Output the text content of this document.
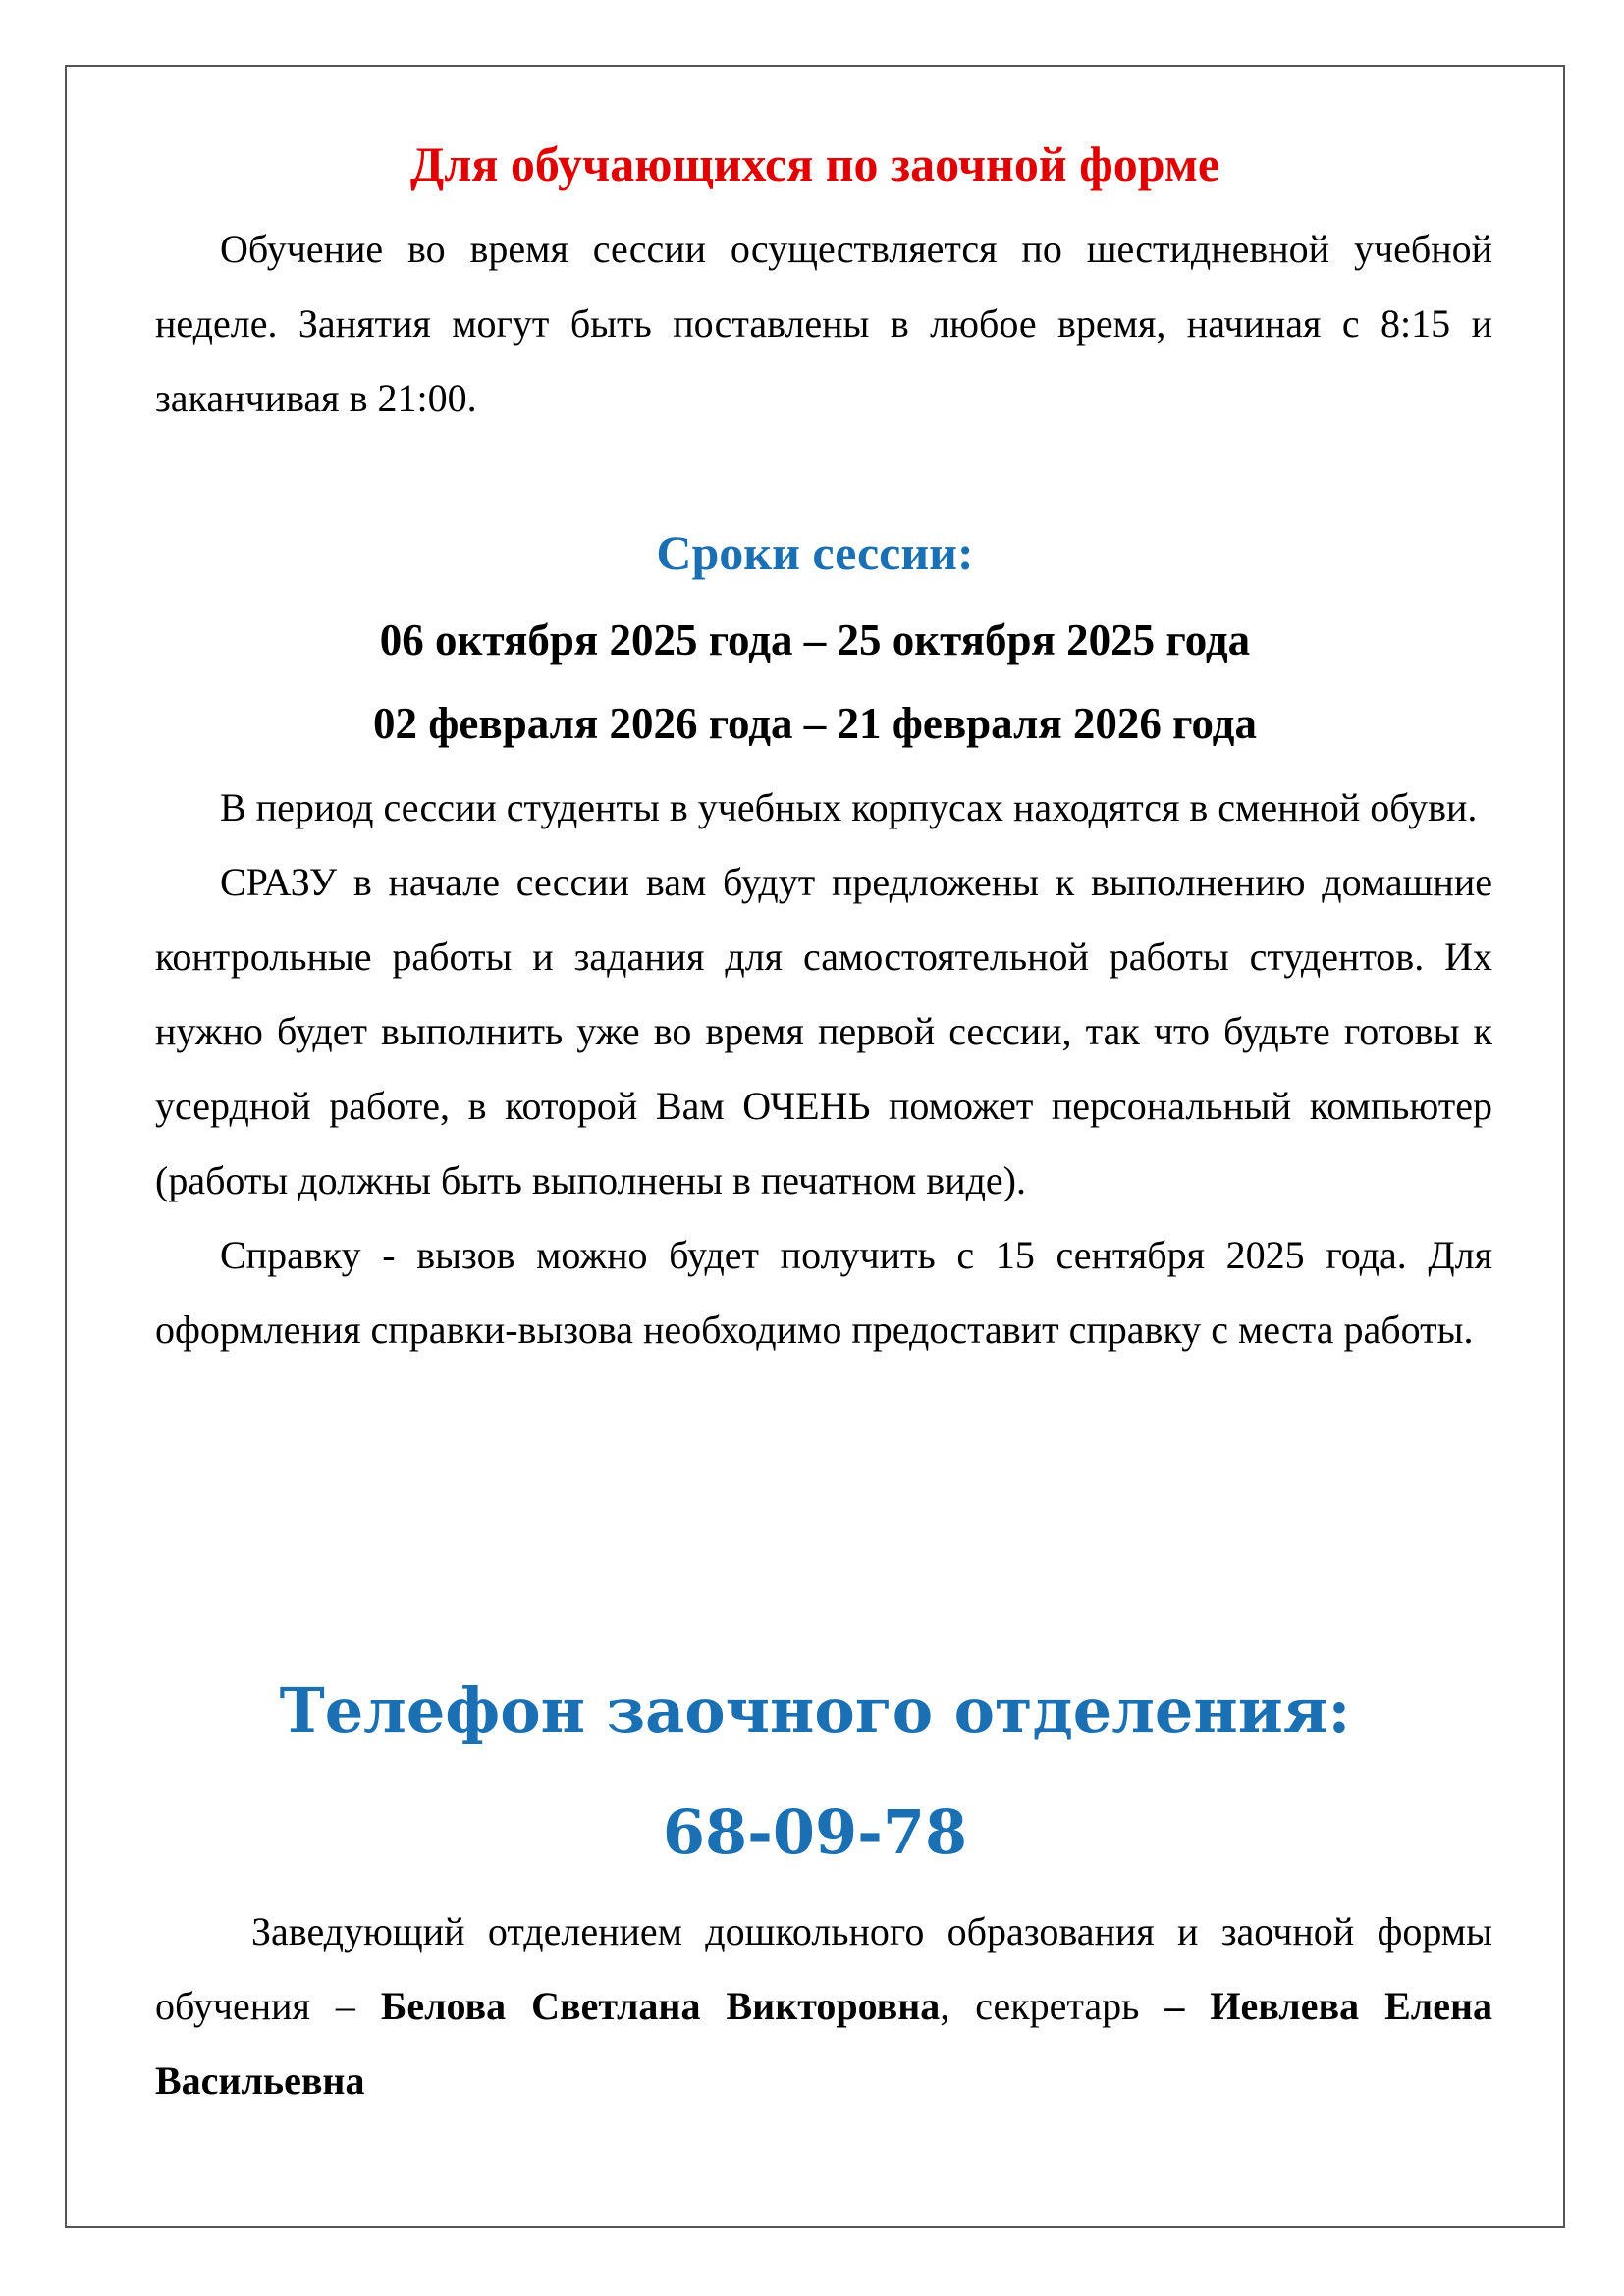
Для обучающихся по заочной форме

Обучение во время сессии осуществляется по шестидневной учебной неделе. Занятия могут быть поставлены в любое время, начиная с 8:15 и заканчивая в 21:00.

Сроки сессии:
06 октября 2025 года – 25 октября 2025 года
02 февраля 2026 года – 21 февраля 2026 года

В период сессии студенты в учебных корпусах находятся в сменной обуви.

СРАЗУ в начале сессии вам будут предложены к выполнению домашние контрольные работы и задания для самостоятельной работы студентов. Их нужно будет выполнить уже во время первой сессии, так что будьте готовы к усердной работе, в которой Вам ОЧЕНЬ поможет персональный компьютер (работы должны быть выполнены в печатном виде).

Справку - вызов можно будет получить с 15 сентября 2025 года. Для оформления справки-вызова необходимо предоставит справку с места работы.

Телефон заочного отделения:
68-09-78

Заведующий отделением дошкольного образования и заочной формы обучения – Белова Светлана Викторовна, секретарь – Иевлева Елена Васильевна
